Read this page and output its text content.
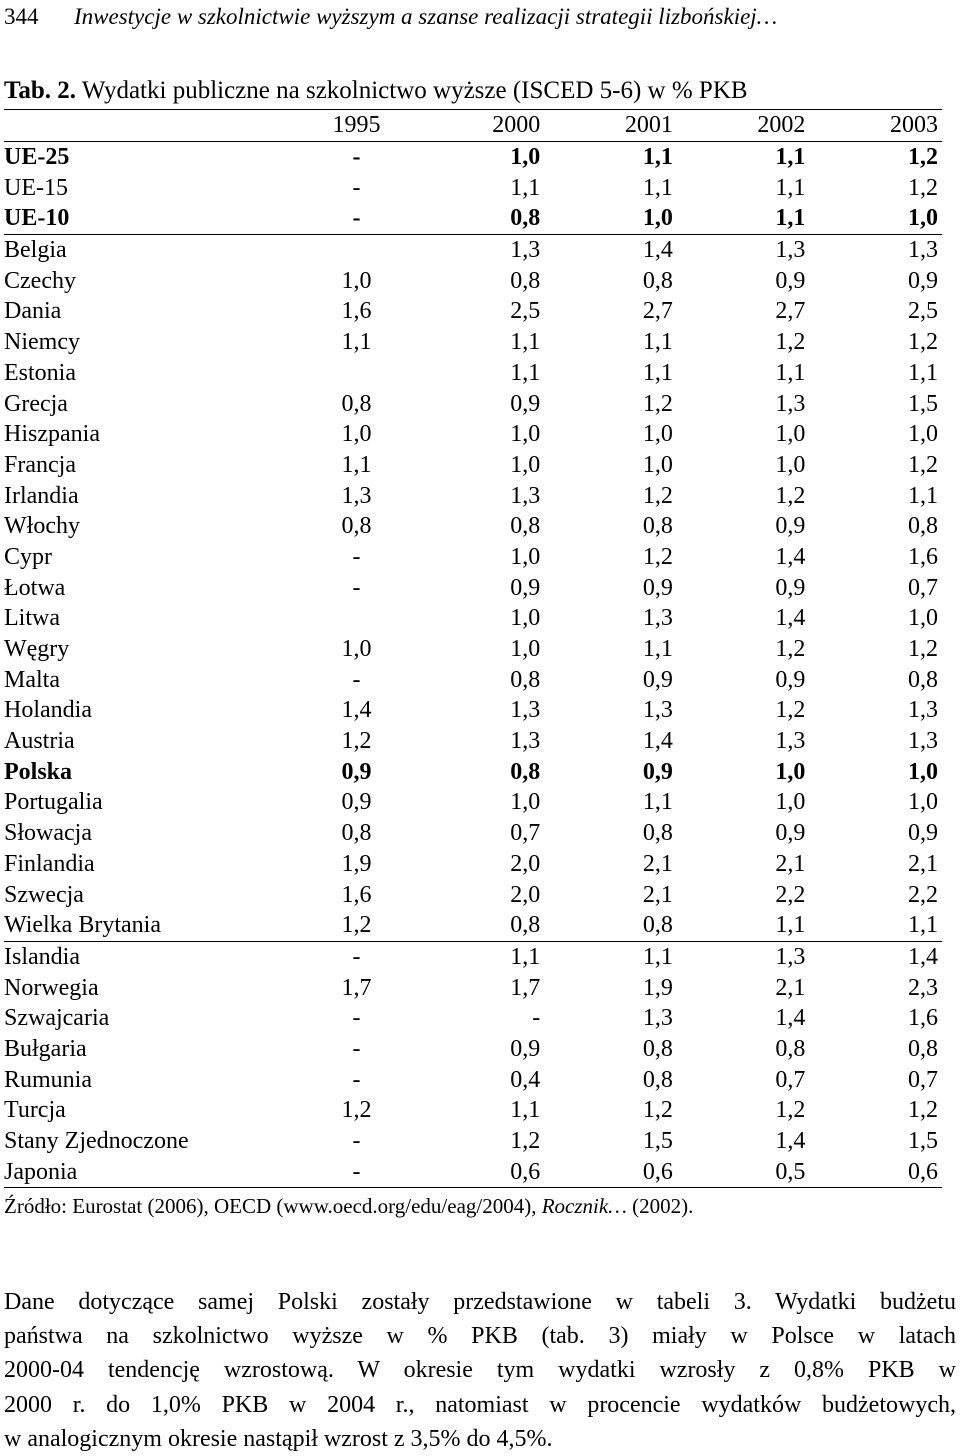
344 Inwestycje w szkolnictwie wyższym a szanse realizacji strategii lizbońskiej…
Tab. 2. Wydatki publiczne na szkolnictwo wyższe (ISCED 5-6) w % PKB
	1995	2000	2001	2002	2003
UE-25	-	1,0	1,1	1,1	1,2
UE-15	-	1,1	1,1	1,1	1,2
UE-10	-	0,8	1,0	1,1	1,0
Belgia		1,3	1,4	1,3	1,3
Czechy	1,0	0,8	0,8	0,9	0,9
Dania	1,6	2,5	2,7	2,7	2,5
Niemcy	1,1	1,1	1,1	1,2	1,2
Estonia		1,1	1,1	1,1	1,1
Grecja	0,8	0,9	1,2	1,3	1,5
Hiszpania	1,0	1,0	1,0	1,0	1,0
Francja	1,1	1,0	1,0	1,0	1,2
Irlandia	1,3	1,3	1,2	1,2	1,1
Włochy	0,8	0,8	0,8	0,9	0,8
Cypr	-	1,0	1,2	1,4	1,6
Łotwa	-	0,9	0,9	0,9	0,7
Litwa		1,0	1,3	1,4	1,0
Węgry	1,0	1,0	1,1	1,2	1,2
Malta	-	0,8	0,9	0,9	0,8
Holandia	1,4	1,3	1,3	1,2	1,3
Austria	1,2	1,3	1,4	1,3	1,3
Polska	0,9	0,8	0,9	1,0	1,0
Portugalia	0,9	1,0	1,1	1,0	1,0
Słowacja	0,8	0,7	0,8	0,9	0,9
Finlandia	1,9	2,0	2,1	2,1	2,1
Szwecja	1,6	2,0	2,1	2,2	2,2
Wielka Brytania	1,2	0,8	0,8	1,1	1,1
Islandia	-	1,1	1,1	1,3	1,4
Norwegia	1,7	1,7	1,9	2,1	2,3
Szwajcaria	-	-	1,3	1,4	1,6
Bułgaria	-	0,9	0,8	0,8	0,8
Rumunia	-	0,4	0,8	0,7	0,7
Turcja	1,2	1,1	1,2	1,2	1,2
Stany Zjednoczone	-	1,2	1,5	1,4	1,5
Japonia	-	0,6	0,6	0,5	0,6
Źródło: Eurostat (2006), OECD (www.oecd.org/edu/eag/2004), Rocznik… (2002).
Dane dotyczące samej Polski zostały przedstawione w tabeli 3. Wydatki budżetu
państwa na szkolnictwo wyższe w % PKB (tab. 3) miały w Polsce w latach
2000-04 tendencję wzrostową. W okresie tym wydatki wzrosły z 0,8% PKB w
2000 r. do 1,0% PKB w 2004 r., natomiast w procencie wydatków budżetowych,
w analogicznym okresie nastąpił wzrost z 3,5% do 4,5%.
